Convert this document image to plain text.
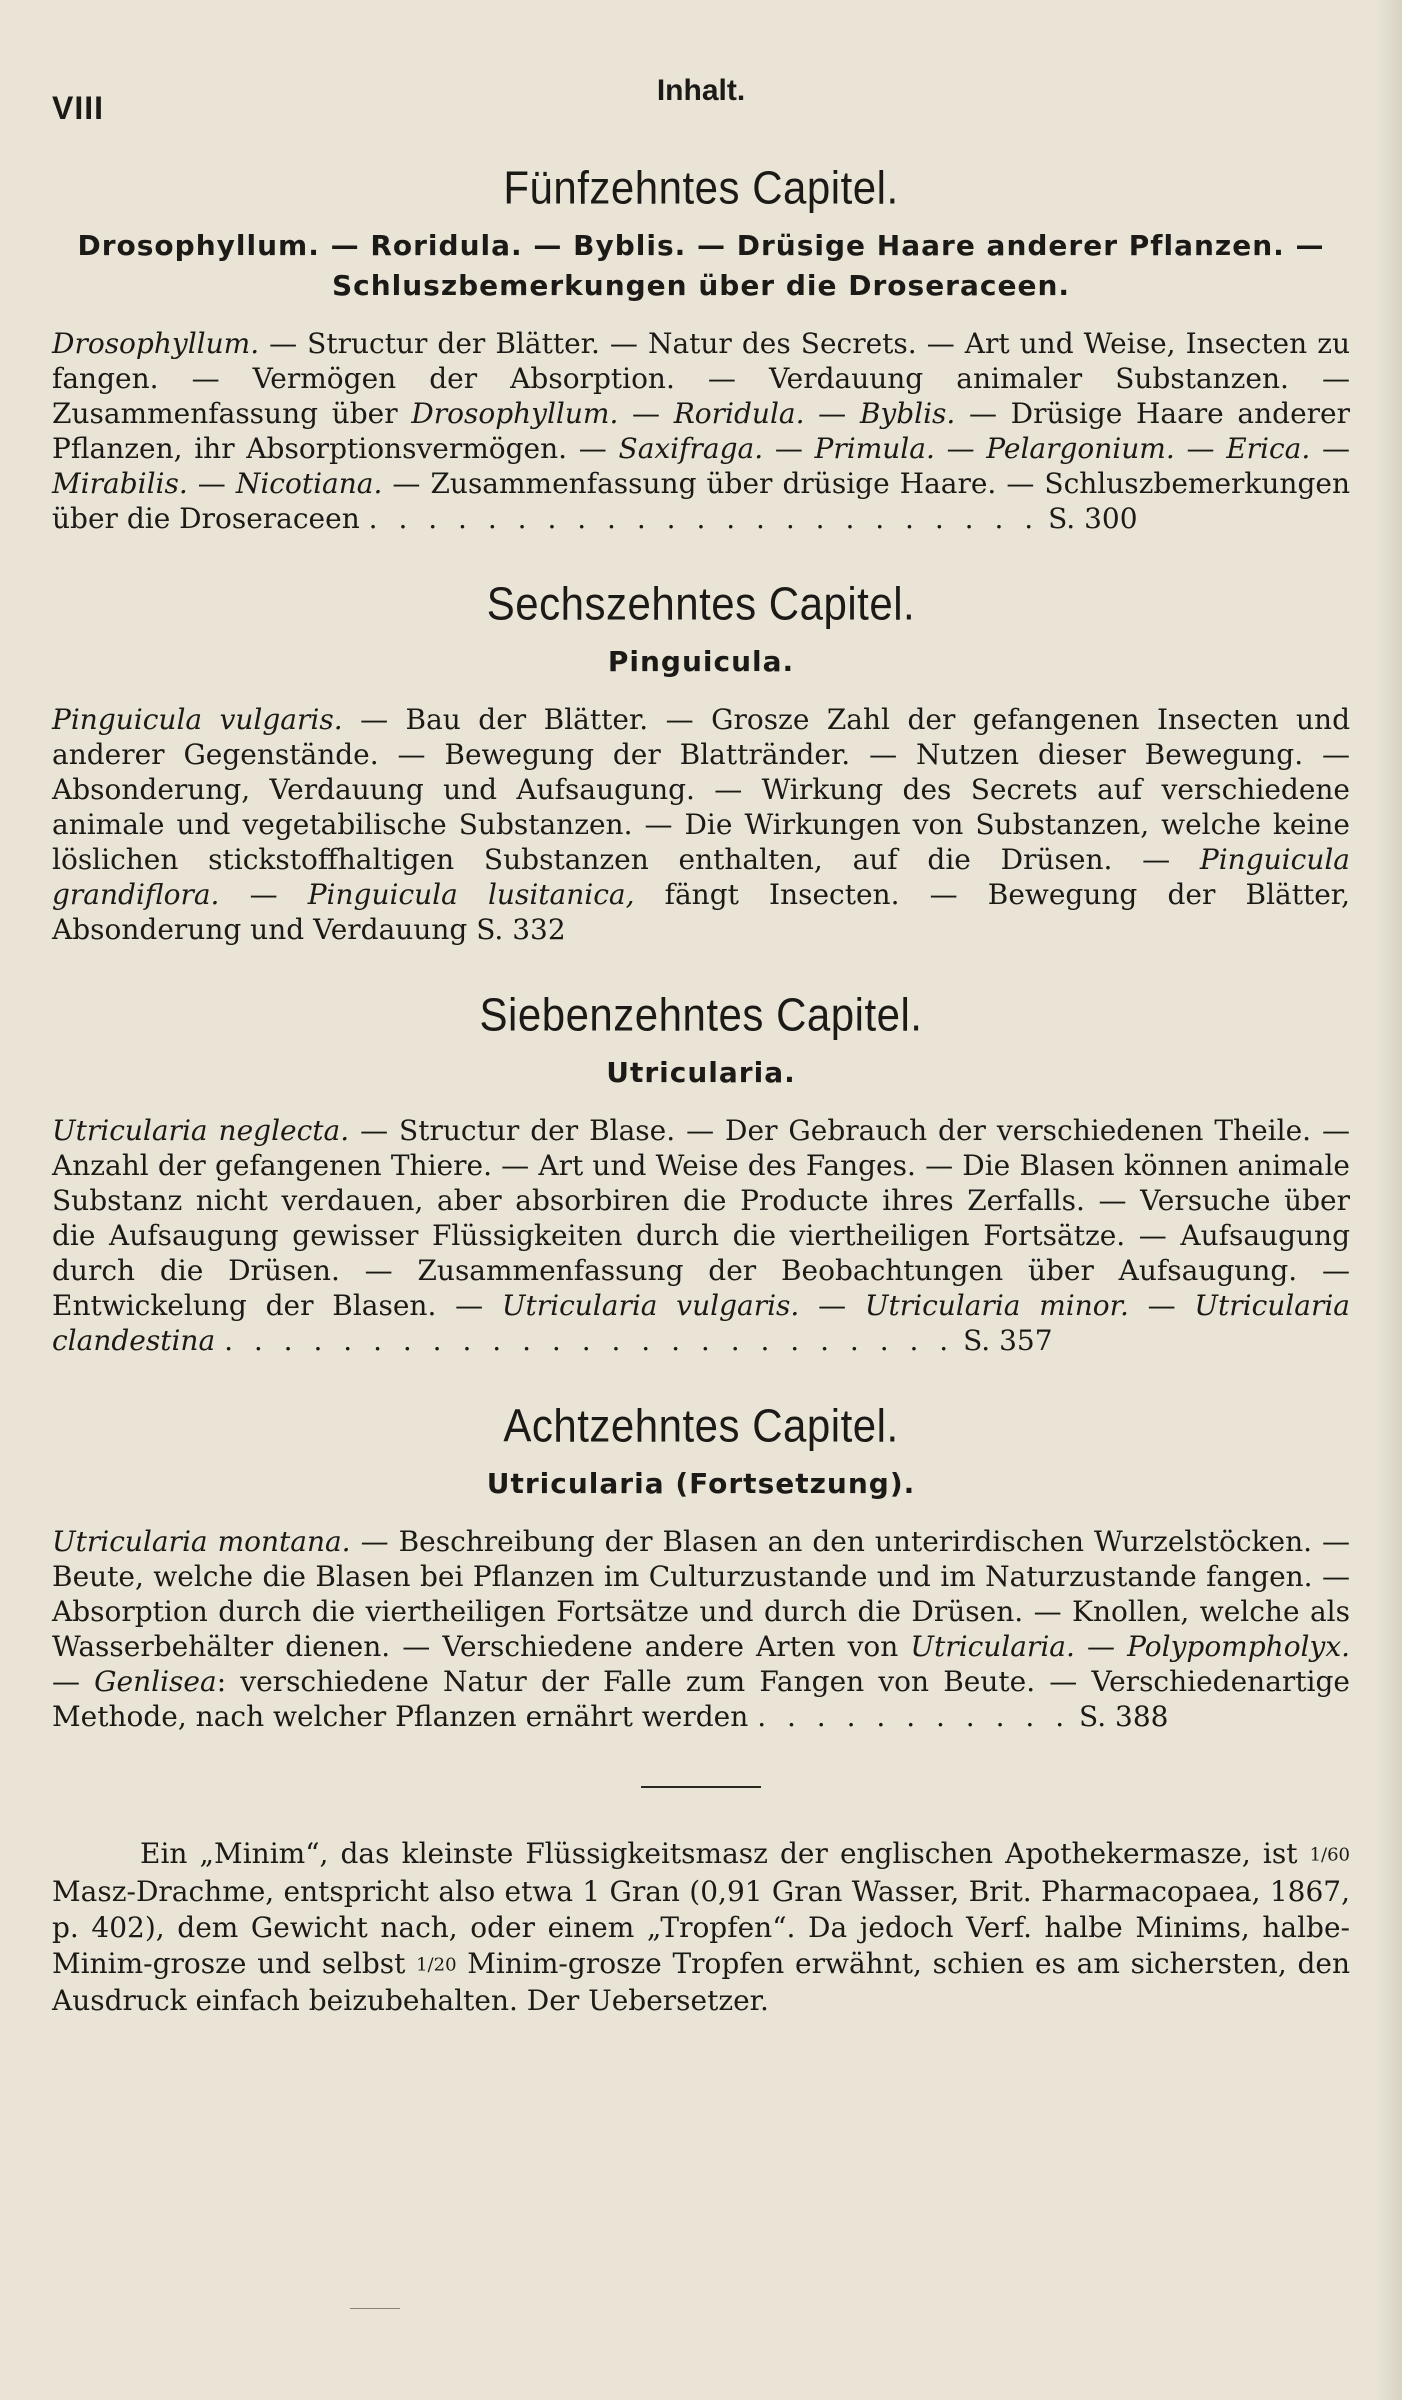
VIII	Inhalt.
Fünfzehntes Capitel.
Drosophyllum. — Roridula. — Byblis. — Drüsige Haare anderer Pflanzen. — Schluszbemerkungen über die Droseraceen.

Drosophyllum. — Structur der Blätter. — Natur des Secrets. — Art und Weise, Insecten zu fangen. — Vermögen der Absorption. — Verdauung animaler Substanzen. — Zusammenfassung über Drosophyllum. — Roridula. — Byblis. — Drüsige Haare anderer Pflanzen, ihr Absorptionsvermögen. — Saxifraga. — Primula. — Pelargonium. — Erica. — Mirabilis. — Nicotiana. — Zusammenfassung über drüsige Haare. — Schluszbemerkungen über die Droseraceen . . . . . . . . . . . . . . . . . . . . . . . S. 300

Sechszehntes Capitel.
Pinguicula.

Pinguicula vulgaris. — Bau der Blätter. — Grosze Zahl der gefangenen Insecten und anderer Gegenstände. — Bewegung der Blattränder. — Nutzen dieser Bewegung. — Absonderung, Verdauung und Aufsaugung. — Wirkung des Secrets auf verschiedene animale und vegetabilische Substanzen. — Die Wirkungen von Substanzen, welche keine löslichen stickstoffhaltigen Substanzen enthalten, auf die Drüsen. — Pinguicula grandiflora. — Pinguicula lusitanica, fängt Insecten. — Bewegung der Blätter, Absonderung und Verdauung S. 332

Siebenzehntes Capitel.
Utricularia.

Utricularia neglecta. — Structur der Blase. — Der Gebrauch der verschiedenen Theile. — Anzahl der gefangenen Thiere. — Art und Weise des Fanges. — Die Blasen können animale Substanz nicht verdauen, aber absorbiren die Producte ihres Zerfalls. — Versuche über die Aufsaugung gewisser Flüssigkeiten durch die viertheiligen Fortsätze. — Aufsaugung durch die Drüsen. — Zusammenfassung der Beobachtungen über Aufsaugung. — Entwickelung der Blasen. — Utricularia vulgaris. — Utricularia minor. — Utricularia clandestina . . . . . . . . . . . . . . . . . . . . . . . . . S. 357

Achtzehntes Capitel.
Utricularia (Fortsetzung).

Utricularia montana. — Beschreibung der Blasen an den unterirdischen Wurzelstöcken. — Beute, welche die Blasen bei Pflanzen im Culturzustande und im Naturzustande fangen. — Absorption durch die viertheiligen Fortsätze und durch die Drüsen. — Knollen, welche als Wasserbehälter dienen. — Verschiedene andere Arten von Utricularia. — Polypompholyx. — Genlisea: verschiedene Natur der Falle zum Fangen von Beute. — Verschiedenartige Methode, nach welcher Pflanzen ernährt werden . . . . . . . . . . . S. 388

Ein „Minim“, das kleinste Flüssigkeitsmasz der englischen Apothekermasze, ist 1/60 Masz-Drachme, entspricht also etwa 1 Gran (0,91 Gran Wasser, Brit. Pharmacopaea, 1867, p. 402), dem Gewicht nach, oder einem „Tropfen“. Da jedoch Verf. halbe Minims, halbe-Minim-grosze und selbst 1/20 Minim-grosze Tropfen erwähnt, schien es am sichersten, den Ausdruck einfach beizubehalten. Der Uebersetzer.
